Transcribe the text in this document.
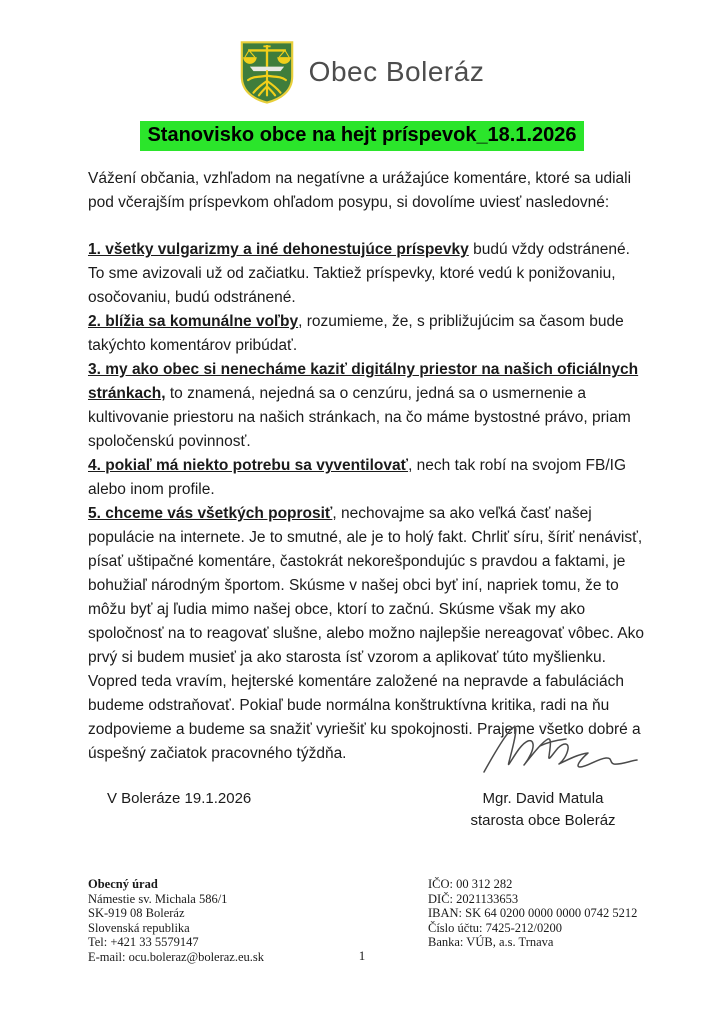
Obec Boleráz
Stanovisko obce na hejt príspevok_18.1.2026

Vážení občania, vzhľadom na negatívne a urážajúce komentáre, ktoré sa udiali pod včerajším príspevkom ohľadom posypu, si dovolíme uviesť nasledovné:

1. všetky vulgarizmy a iné dehonestujúce príspevky budú vždy odstránené. To sme avizovali už od začiatku. Taktiež príspevky, ktoré vedú k ponižovaniu, osočovaniu, budú odstránené.

2. blížia sa komunálne voľby, rozumieme, že, s približujúcim sa časom bude takýchto komentárov pribúdať.

3. my ako obec si nenecháme kaziť digitálny priestor na našich oficiálnych stránkach, to znamená, nejedná sa o cenzúru, jedná sa o usmernenie a kultivovanie priestoru na našich stránkach, na čo máme bystostné právo, priam spoločenskú povinnosť.

4. pokiaľ má niekto potrebu sa vyventilovať, nech tak robí na svojom FB/IG alebo inom profile.

5. chceme vás všetkých poprosiť, nechovajme sa ako veľká časť našej populácie na internete. Je to smutné, ale je to holý fakt. Chrliť síru, šíriť nenávisť, písať uštipačné komentáre, častokrát nekorešpondujúc s pravdou a faktami, je bohužiaľ národným športom. Skúsme v našej obci byť iní, napriek tomu, že to môžu byť aj ľudia mimo našej obce, ktorí to začnú. Skúsme však my ako spoločnosť na to reagovať slušne, alebo možno najlepšie nereagovať vôbec. Ako prvý si budem musieť ja ako starosta ísť vzorom a aplikovať túto myšlienku. Vopred teda vravím, hejterské komentáre založené na nepravde a fabuláciách budeme odstraňovať. Pokiaľ bude normálna konštruktívna kritika, radi na ňu zodpovieme a budeme sa snažiť vyriešiť ku spokojnosti. Prajeme všetko dobré a úspešný začiatok pracovného týždňa.

V Boleráze 19.1.2026	Mgr. David Matula
starosta obce Boleráz

Obecný úrad

Námestie sv. Michala 586/1

SK-919 08 Boleráz

Slovenská republika

Tel: +421 33 5579147

E-mail: ocu.boleraz@boleraz.eu.sk

IČO: 00 312 282

DIČ: 2021133653

IBAN: SK 64 0200 0000 0000 0742 5212

Číslo účtu: 7425-212/0200

Banka: VÚB, a.s. Trnava

1
